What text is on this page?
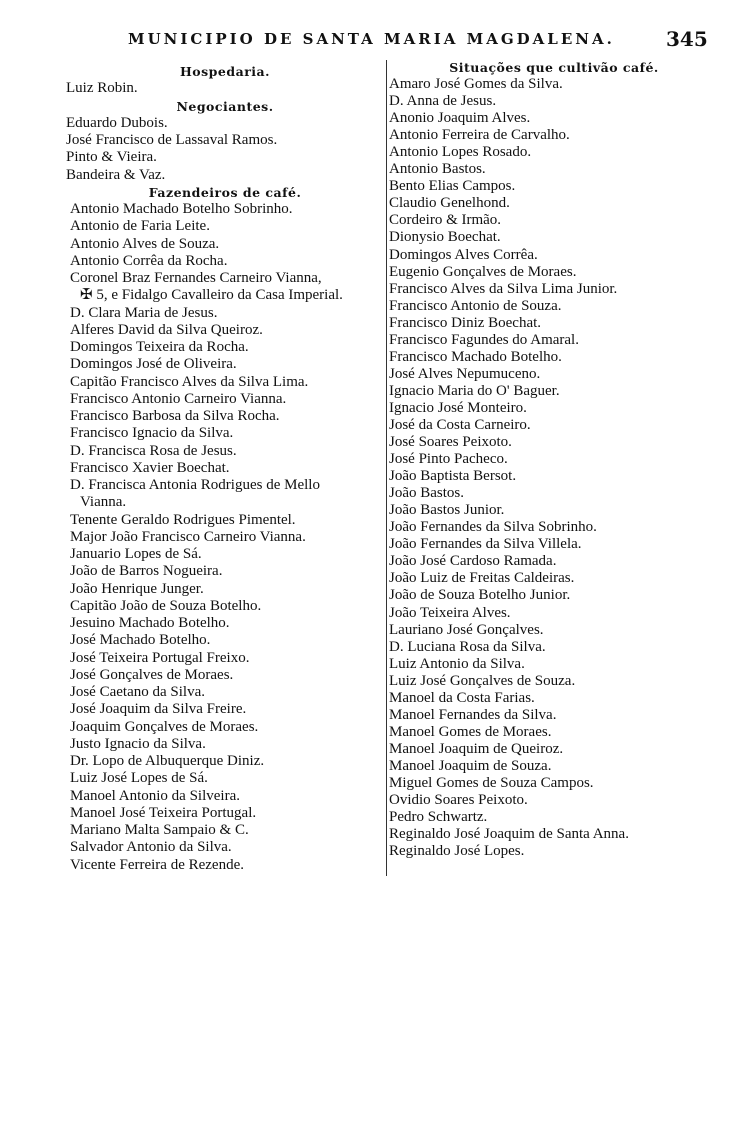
MUNICIPIO DE SANTA MARIA MAGDALENA.	345
Hospedaria.
Luiz Robin.
Negociantes.
Eduardo Dubois.
José Francisco de Lassaval Ramos.
Pinto & Vieira.
Bandeira & Vaz.
Fazendeiros de café.
Antonio Machado Botelho Sobrinho.
Antonio de Faria Leite.
Antonio Alves de Souza.
Antonio Corrêa da Rocha.
Coronel Braz Fernandes Carneiro Vianna,
✠ 5, e Fidalgo Cavalleiro da Casa Imperial.
D. Clara Maria de Jesus.
Alferes David da Silva Queiroz.
Domingos Teixeira da Rocha.
Domingos José de Oliveira.
Capitão Francisco Alves da Silva Lima.
Francisco Antonio Carneiro Vianna.
Francisco Barbosa da Silva Rocha.
Francisco Ignacio da Silva.
D. Francisca Rosa de Jesus.
Francisco Xavier Boechat.
D. Francisca Antonia Rodrigues de Mello
Vianna.
Tenente Geraldo Rodrigues Pimentel.
Major João Francisco Carneiro Vianna.
Januario Lopes de Sá.
João de Barros Nogueira.
João Henrique Junger.
Capitão João de Souza Botelho.
Jesuino Machado Botelho.
José Machado Botelho.
José Teixeira Portugal Freixo.
José Gonçalves de Moraes.
José Caetano da Silva.
José Joaquim da Silva Freire.
Joaquim Gonçalves de Moraes.
Justo Ignacio da Silva.
Dr. Lopo de Albuquerque Diniz.
Luiz José Lopes de Sá.
Manoel Antonio da Silveira.
Manoel José Teixeira Portugal.
Mariano Malta Sampaio & C.
Salvador Antonio da Silva.
Vicente Ferreira de Rezende.
Situações que cultivão café.
Amaro José Gomes da Silva.
D. Anna de Jesus.
Anonio Joaquim Alves.
Antonio Ferreira de Carvalho.
Antonio Lopes Rosado.
Antonio Bastos.
Bento Elias Campos.
Claudio Genelhond.
Cordeiro & Irmão.
Dionysio Boechat.
Domingos Alves Corrêa.
Eugenio Gonçalves de Moraes.
Francisco Alves da Silva Lima Junior.
Francisco Antonio de Souza.
Francisco Diniz Boechat.
Francisco Fagundes do Amaral.
Francisco Machado Botelho.
José Alves Nepumuceno.
Ignacio Maria do O' Baguer.
Ignacio José Monteiro.
José da Costa Carneiro.
José Soares Peixoto.
José Pinto Pacheco.
João Baptista Bersot.
João Bastos.
João Bastos Junior.
João Fernandes da Silva Sobrinho.
João Fernandes da Silva Villela.
João José Cardoso Ramada.
João Luiz de Freitas Caldeiras.
João de Souza Botelho Junior.
João Teixeira Alves.
Lauriano José Gonçalves.
D. Luciana Rosa da Silva.
Luiz Antonio da Silva.
Luiz José Gonçalves de Souza.
Manoel da Costa Farias.
Manoel Fernandes da Silva.
Manoel Gomes de Moraes.
Manoel Joaquim de Queiroz.
Manoel Joaquim de Souza.
Miguel Gomes de Souza Campos.
Ovidio Soares Peixoto.
Pedro Schwartz.
Reginaldo José Joaquim de Santa Anna.
Reginaldo José Lopes.
